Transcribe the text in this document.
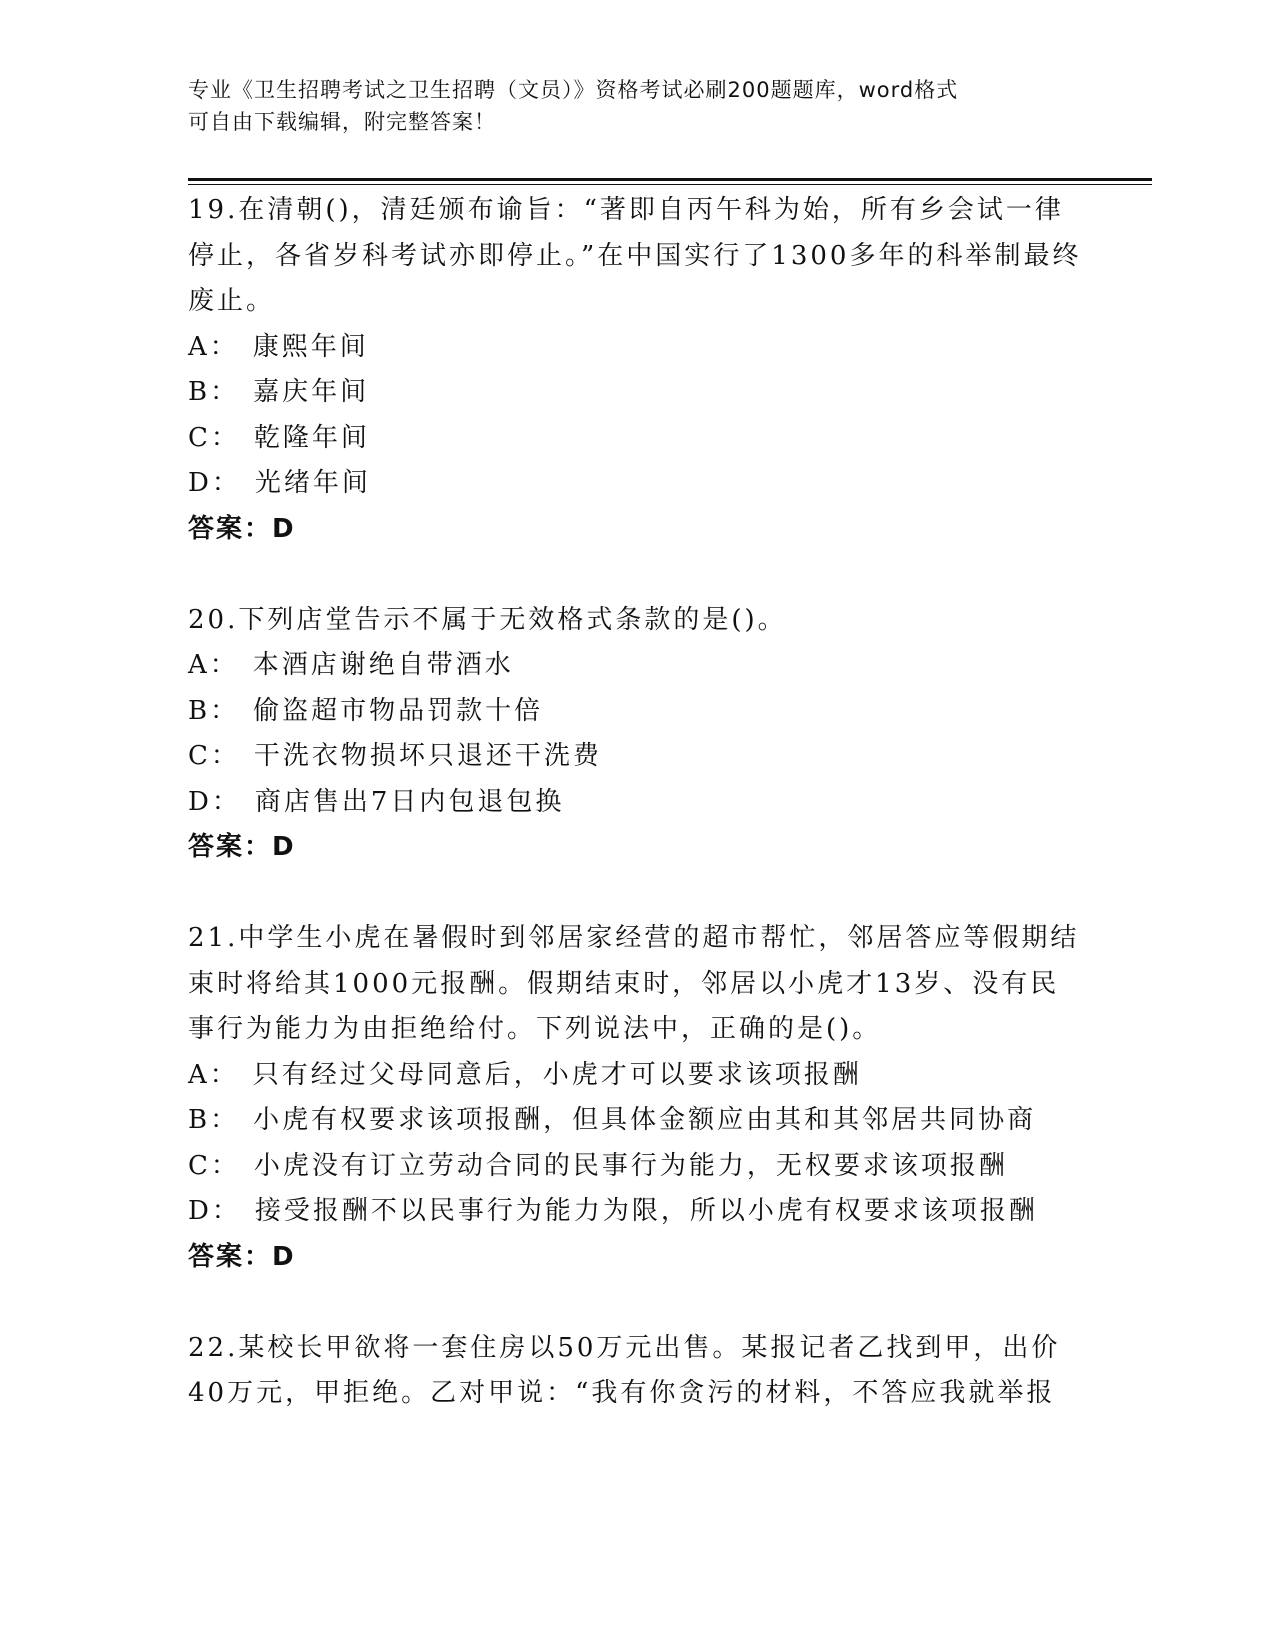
专业《卫生招聘考试之卫生招聘（文员）》资格考试必刷200题题库，word格式
可自由下载编辑，附完整答案！
19.在清朝()，清廷颁布谕旨：“著即自丙午科为始，所有乡会试一律停止，各省岁科考试亦即停止。”在中国实行了1300多年的科举制最终废止。
A： 康熙年间
B： 嘉庆年间
C： 乾隆年间
D： 光绪年间
答案：D
20.下列店堂告示不属于无效格式条款的是()。
A： 本酒店谢绝自带酒水
B： 偷盗超市物品罚款十倍
C： 干洗衣物损坏只退还干洗费
D： 商店售出7日内包退包换
答案：D
21.中学生小虎在暑假时到邻居家经营的超市帮忙，邻居答应等假期结束时将给其1000元报酬。假期结束时，邻居以小虎才13岁、没有民事行为能力为由拒绝给付。下列说法中，正确的是()。
A： 只有经过父母同意后，小虎才可以要求该项报酬
B： 小虎有权要求该项报酬，但具体金额应由其和其邻居共同协商
C： 小虎没有订立劳动合同的民事行为能力，无权要求该项报酬
D： 接受报酬不以民事行为能力为限，所以小虎有权要求该项报酬
答案：D
22.某校长甲欲将一套住房以50万元出售。某报记者乙找到甲，出价40万元，甲拒绝。乙对甲说：“我有你贪污的材料，不答应我就举报
